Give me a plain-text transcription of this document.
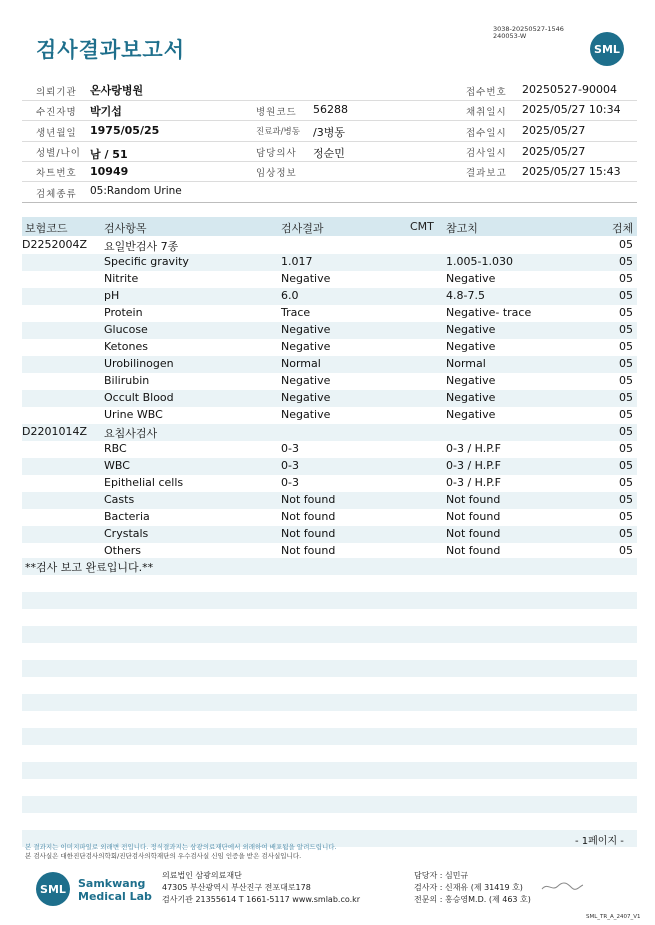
검사결과보고서
3038-20250527-1546
240053-W
SML
의뢰기관 온사랑병원	접수번호 20250527-90004
수진자명 박기섭	병원코드 56288	채취일시 2025/05/27 10:34
생년월일 1975/05/25	진료과/병동 /3병동	접수일시 2025/05/27
성별/나이 남 / 51	담당의사 정순민	검사일시 2025/05/27
차트번호 10949	임상정보	결과보고 2025/05/27 15:43
검체종류 05:Random Urine
보험코드	검사항목	검사결과	CMT 참고치	검체
D2252004Z 요일반검사 7종	05
Specific gravity	1.017	1.005-1.030	05
Nitrite	Negative	Negative	05
pH	6.0	4.8-7.5	05
Protein	Trace	Negative- trace	05
Glucose	Negative	Negative	05
Ketones	Negative	Negative	05
Urobilinogen	Normal	Normal	05
Bilirubin	Negative	Negative	05
Occult Blood	Negative	Negative	05
Urine WBC	Negative	Negative	05
D2201014Z 요침사검사	05
RBC	0-3	0-3 / H.P.F	05
WBC	0-3	0-3 / H.P.F	05
Epithelial cells	0-3	0-3 / H.P.F	05
Casts	Not found	Not found	05
Bacteria	Not found	Not found	05
Crystals	Not found	Not found	05
Others	Not found	Not found	05
**검사 보고 완료입니다.**
- 1페이지 -
본 결과지는 이미지파일로 외래변 전입니다. 정식결과지는 삼광의료재단에서 외래하여 배포됨을 알려드립니다.
본 검사실은 대한진단검사의학회/진단검사의학재단의 우수검사실 신임 인증을 받은 검사실입니다.
SML	Samkwang
Medical Lab
의료법인 삼광의료재단
47305 부산광역시 부산진구 전포대로178
검사기관 21355614 T 1661-5117 www.smlab.co.kr
담당자 : 심민규
검사자 : 신재유 (제 31419 호)
전문의 : 홍승영M.D. (제 463 호)
SML_TR_A_2407_V1
